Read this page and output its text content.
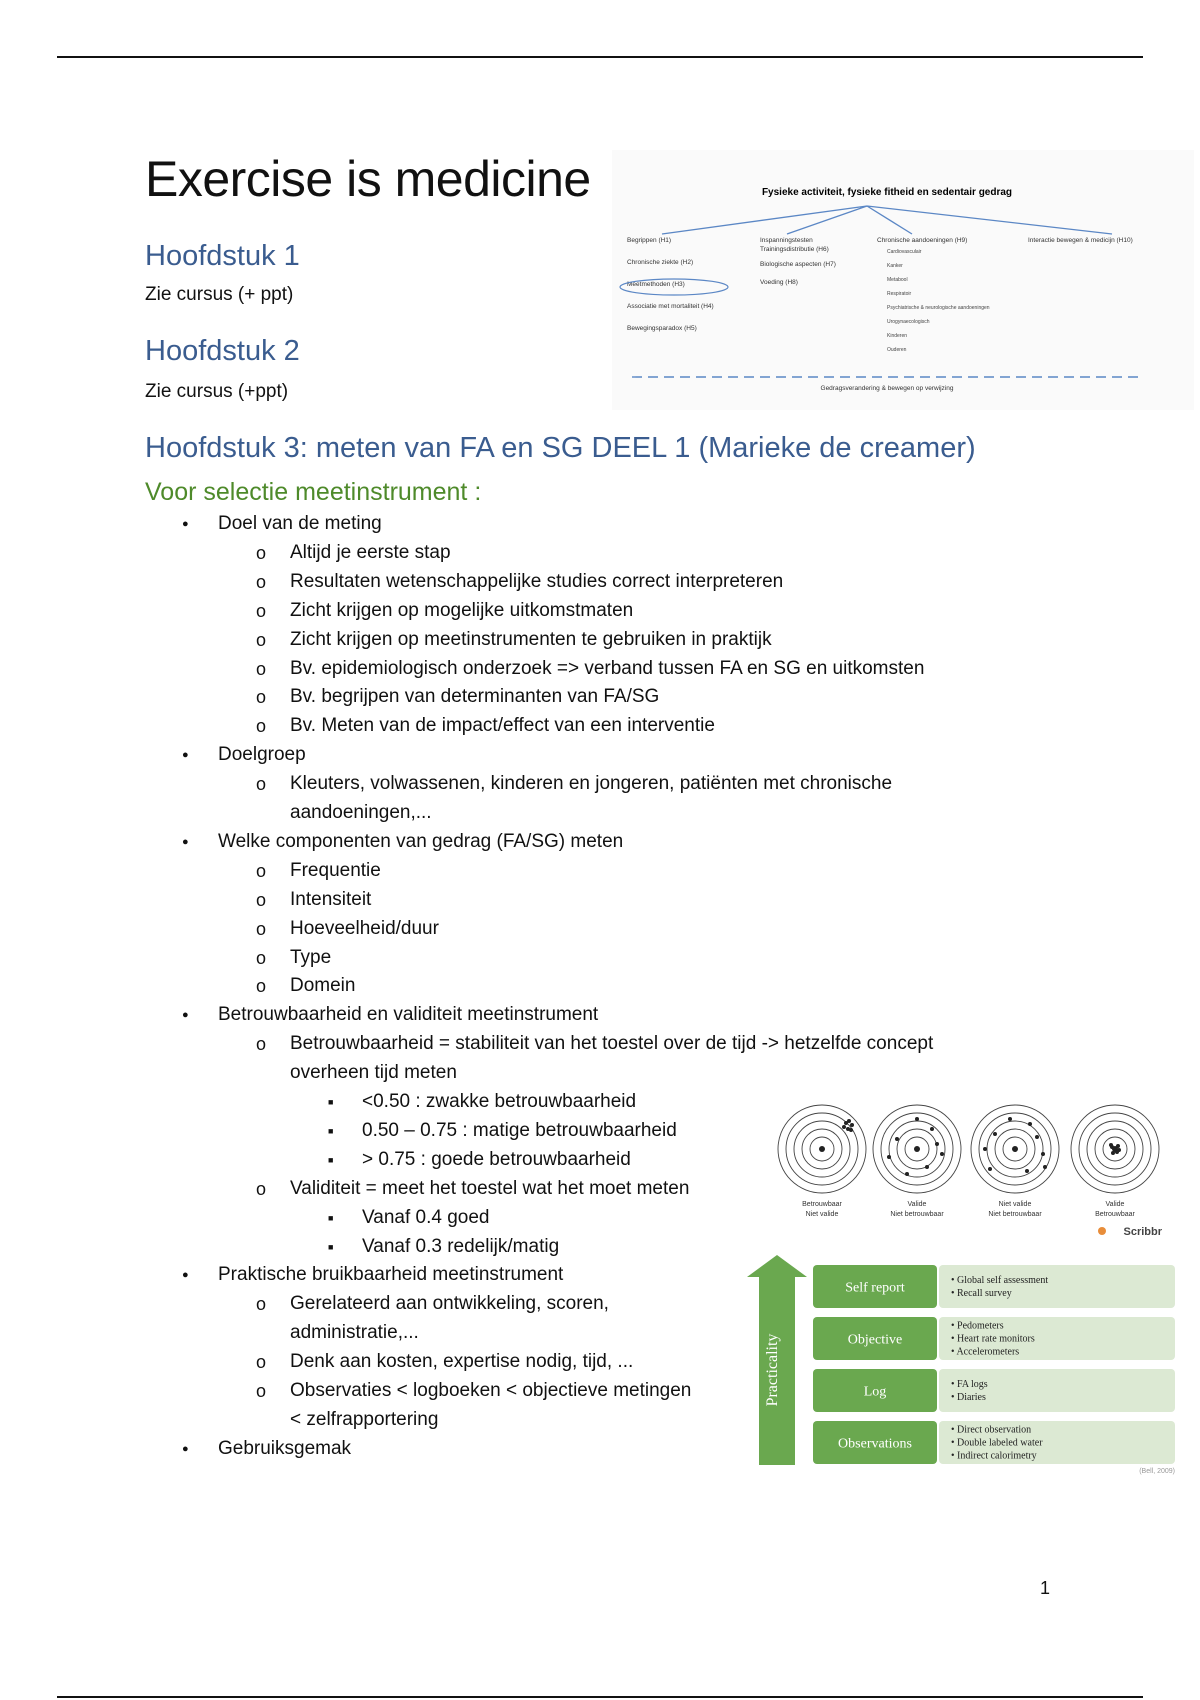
Exercise is medicine
Hoofdstuk 1
Zie cursus (+ ppt)
Hoofdstuk 2
Zie cursus (+ppt)
Hoofdstuk 3: meten van FA en SG DEEL 1 (Marieke de creamer)
Voor selectie meetinstrument :
Doel van de meting
●
Altijd je eerste stap
o
Resultaten wetenschappelijke studies correct interpreteren
o
Zicht krijgen op mogelijke uitkomstmaten
o
Zicht krijgen op meetinstrumenten te gebruiken in praktijk
o
Bv. epidemiologisch onderzoek => verband tussen FA en SG en uitkomsten
o
Bv. begrijpen van determinanten van FA/SG
o
Bv. Meten van de impact/effect van een interventie
o
Doelgroep
●
Kleuters, volwassenen, kinderen en jongeren, patiënten met chronische
o
aandoeningen,...
Welke componenten van gedrag (FA/SG) meten
●
Frequentie
o
Intensiteit
o
Hoeveelheid/duur
o
Type
o
Domein
o
Betrouwbaarheid en validiteit meetinstrument
●
Betrouwbaarheid = stabiliteit van het toestel over de tijd -> hetzelfde concept
o
overheen tijd meten
<0.50 : zwakke betrouwbaarheid
■
0.50 – 0.75 : matige betrouwbaarheid
■
> 0.75 : goede betrouwbaarheid
■
Validiteit = meet het toestel wat het moet meten
o
Vanaf 0.4 goed
■
Vanaf 0.3 redelijk/matig
■
Praktische bruikbaarheid meetinstrument
●
Gerelateerd aan ontwikkeling, scoren,
o
administratie,...
Denk aan kosten, expertise nodig, tijd, ...
o
Observaties < logboeken < objectieve metingen
o
< zelfrapportering
Gebruiksgemak
●
Fysieke activiteit, fysieke fitheid en sedentair gedrag
Begrippen (H1)
Chronische ziekte (H2)
Meetmethoden (H3)
Associatie met mortaliteit (H4)
Bewegingsparadox (H5)
Inspanningstesten
Trainingsdistributie (H6)
Biologische aspecten (H7)
Voeding (H8)
Chronische aandoeningen (H9)
Cardiovasculair
Kanker
Metabool
Respiratoir
Psychiatrische & neurologische aandoeningen
Urogynaecologisch
Kinderen
Ouderen
Interactie bewegen & medicijn (H10)
Gedragsverandering & bewegen op verwijzing
Betrouwbaar
Niet valide
Valide
Niet betrouwbaar
Niet valide
Niet betrouwbaar
Valide
Betrouwbaar
Scribbr
Practicality
Self report	• Global self assessment
• Recall survey
Objective
• Pedometers
• Heart rate monitors
• Accelerometers
Log	• FA logs
• Diaries
Observations
• Direct observation
• Double labeled water
• Indirect calorimetry
(Bell, 2009)
1
